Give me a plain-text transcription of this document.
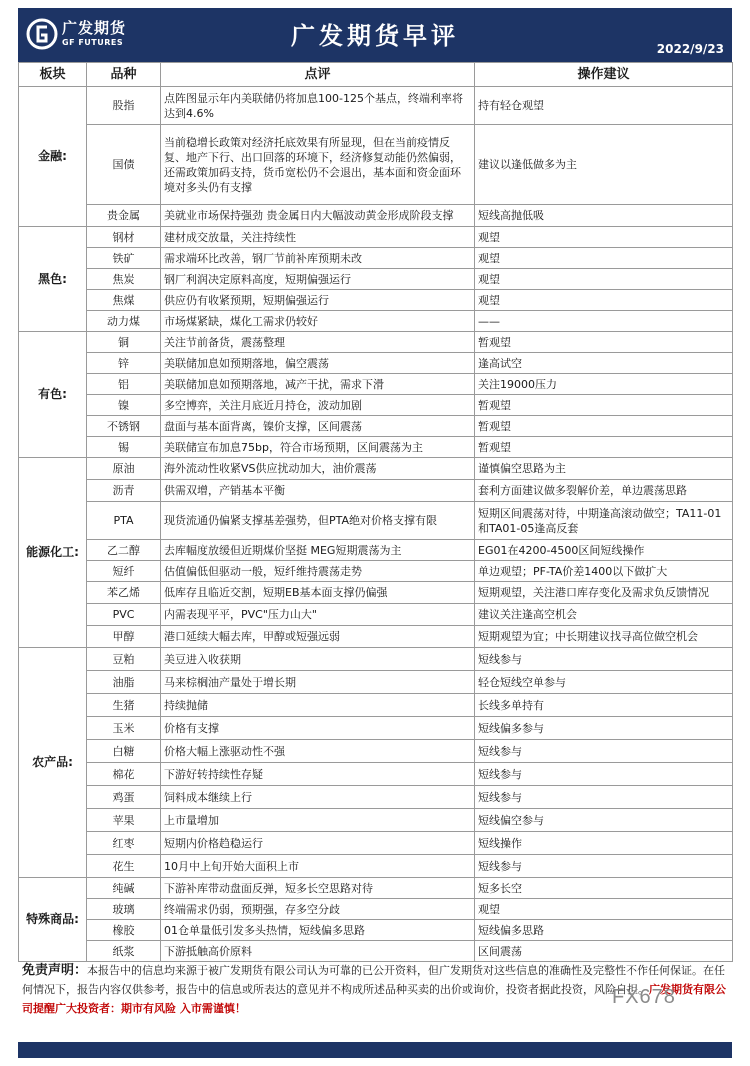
广发期货
GF FUTURES	广发期货早评	2022/9/23
板块	品种	点评	操作建议
金融:	股指	点阵图显示年内美联储仍将加息100-125个基点，终端利率将达到4.6%	持有轻仓观望
	国债	当前稳增长政策对经济托底效果有所显现，但在当前疫情反复、地产下行、出口回落的环境下，经济修复动能仍然偏弱，还需政策加码支持，货币宽松仍不会退出，基本面和资金面环境对多头仍有支撑	建议以逢低做多为主
	贵金属	美就业市场保持强劲 贵金属日内大幅波动黄金形成阶段支撑	短线高抛低吸
黑色:	钢材	建材成交放量，关注持续性	观望
	铁矿	需求端环比改善，钢厂节前补库预期未改	观望
	焦炭	钢厂利润决定原料高度，短期偏强运行	观望
	焦煤	供应仍有收紧预期，短期偏强运行	观望
	动力煤	市场煤紧缺，煤化工需求仍较好	——
有色:	铜	关注节前备货，震荡整理	暂观望
	锌	美联储加息如预期落地，偏空震荡	逢高试空
	铝	美联储加息如预期落地，减产干扰，需求下滑	关注19000压力
	镍	多空博弈，关注月底近月持仓，波动加剧	暂观望
	不锈钢	盘面与基本面背离，镍价支撑，区间震荡	暂观望
	锡	美联储宣布加息75bp，符合市场预期，区间震荡为主	暂观望
能源化工:	原油	海外流动性收紧VS供应扰动加大，油价震荡	谨慎偏空思路为主
	沥青	供需双增，产销基本平衡	套利方面建议做多裂解价差，单边震荡思路
	PTA	现货流通仍偏紧支撑基差强势，但PTA绝对价格支撑有限	短期区间震荡对待，中期逢高滚动做空；TA11-01和TA01-05逢高反套
	乙二醇	去库幅度放缓但近期煤价坚挺 MEG短期震荡为主	EG01在4200-4500区间短线操作
	短纤	估值偏低但驱动一般，短纤维持震荡走势	单边观望；PF-TA价差1400以下做扩大
	苯乙烯	低库存且临近交割，短期EB基本面支撑仍偏强	短期观望，关注港口库存变化及需求负反馈情况
	PVC	内需表现平平，PVC"压力山大"	建议关注逢高空机会
	甲醇	港口延续大幅去库，甲醇或短强远弱	短期观望为宜；中长期建议找寻高位做空机会
农产品:	豆粕	美豆进入收获期	短线参与
	油脂	马来棕榈油产量处于增长期	轻仓短线空单参与
	生猪	持续抛储	长线多单持有
	玉米	价格有支撑	短线偏多参与
	白糖	价格大幅上涨驱动性不强	短线参与
	棉花	下游好转持续性存疑	短线参与
	鸡蛋	饲料成本继续上行	短线参与
	苹果	上市量增加	短线偏空参与
	红枣	短期内价格趋稳运行	短线操作
	花生	10月中上旬开始大面积上市	短线参与
特殊商品:	纯碱	下游补库带动盘面反弹，短多长空思路对待	短多长空
	玻璃	终端需求仍弱，预期强，存多空分歧	观望
	橡胶	01仓单量低引发多头热情，短线偏多思路	短线偏多思路
	纸浆	下游抵触高价原料	区间震荡
免责声明：本报告中的信息均来源于被广发期货有限公司认为可靠的已公开资料，但广发期货对这些信息的准确性及完整性不作任何保证。在任何情况下，报告内容仅供参考，报告中的信息或所表达的意见并不构成所述品种买卖的出价或询价，投资者据此投资，风险自担。广发期货有限公司提醒广大投资者：期市有风险 入市需谨慎！
FX678
